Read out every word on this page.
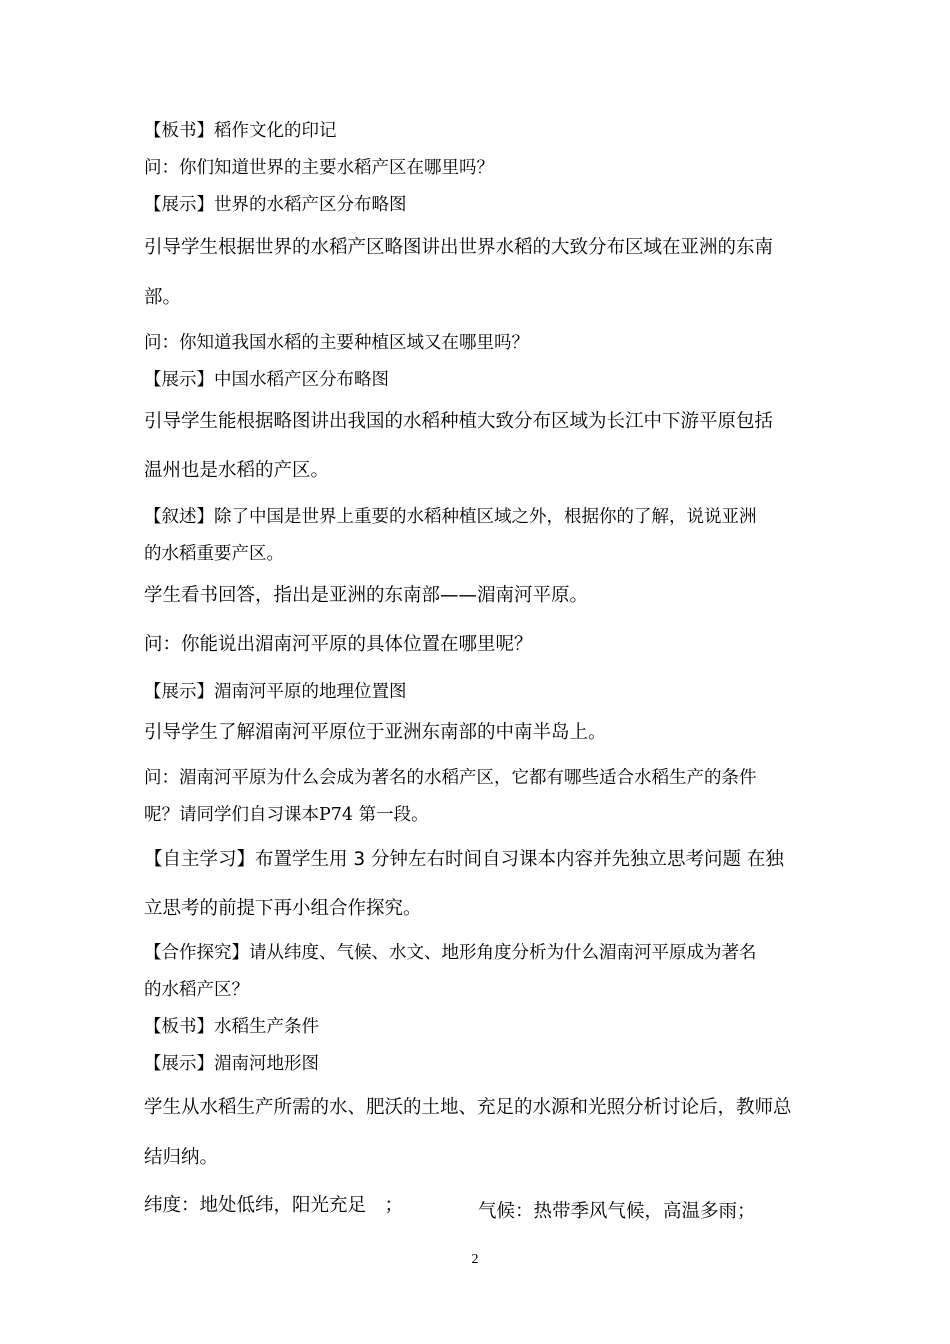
【板书】稻作文化的印记
问：你们知道世界的主要水稻产区在哪里吗？
【展示】世界的水稻产区分布略图
引导学生根据世界的水稻产区略图讲出世界水稻的大致分布区域在亚洲的东南
部。
问：你知道我国水稻的主要种植区域又在哪里吗？
【展示】中国水稻产区分布略图
引导学生能根据略图讲出我国的水稻种植大致分布区域为长江中下游平原包括
温州也是水稻的产区。
【叙述】除了中国是世界上重要的水稻种植区域之外，根据你的了解，说说亚洲
的水稻重要产区。
学生看书回答，指出是亚洲的东南部——湄南河平原。
问：你能说出湄南河平原的具体位置在哪里呢？
【展示】湄南河平原的地理位置图
引导学生了解湄南河平原位于亚洲东南部的中南半岛上。
问：湄南河平原为什么会成为著名的水稻产区，它都有哪些适合水稻生产的条件
呢？请同学们自习课本P74 第一段。
【自主学习】布置学生用 3 分钟左右时间自习课本内容并先独立思考问题 在独
立思考的前提下再小组合作探究。
【合作探究】请从纬度、气候、水文、地形角度分析为什么湄南河平原成为著名
的水稻产区？
【板书】水稻生产条件
【展示】湄南河地形图
学生从水稻生产所需的水、肥沃的土地、充足的水源和光照分析讨论后，教师总
结归纳。
纬度：地处低纬，阳光充足　；	气候：热带季风气候，高温多雨；
2
